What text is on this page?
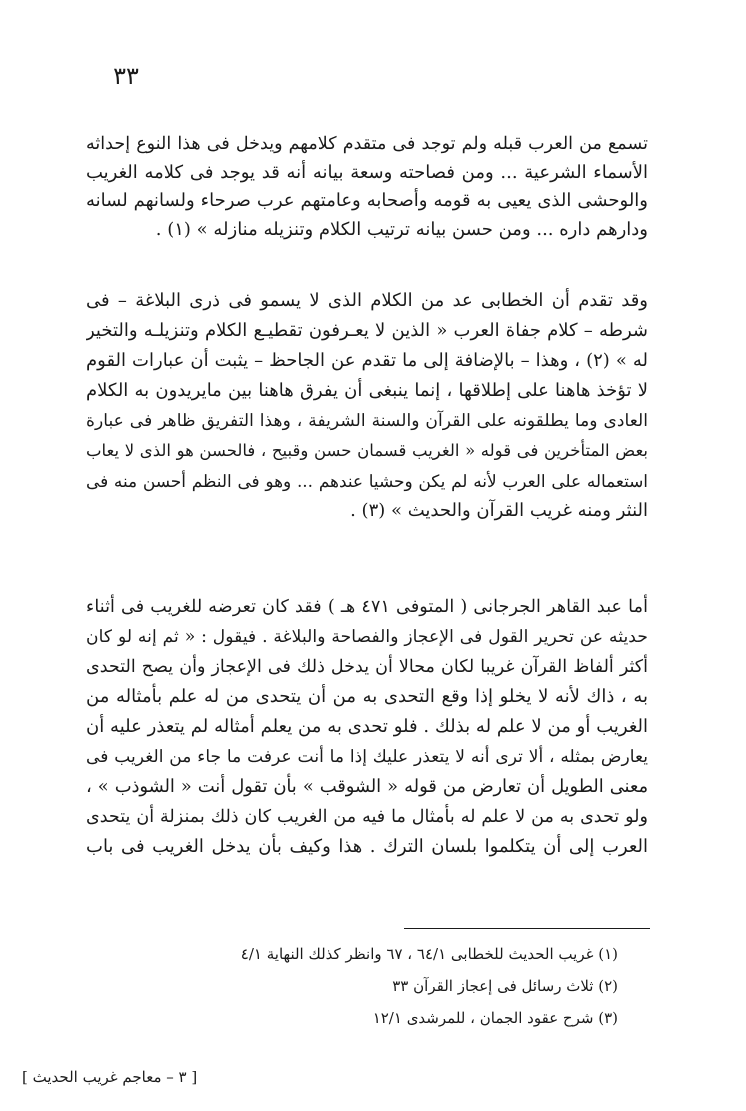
٣٣
تسمع من العرب قبله ولم توجد فى متقدم كلامهم ويدخل فى هذا النوع إحداثه
الأسماء الشرعية ... ومن فصاحته وسعة بيانه أنه قد يوجد فى كلامه الغريب
والوحشى الذى يعيى به قومه وأصحابه وعامتهم عرب صرحاء ولسانهم لسانه
ودارهم داره ... ومن حسن بيانه ترتيب الكلام وتنزيله منازله » (١) .
وقد تقدم أن الخطابى عد من الكلام الذى لا يسمو فى ذرى البلاغة – فى
شرطه – كلام جفاة العرب « الذين لا يعـرفون تقطيـع الكلام وتنزيلـه والتخير
له » (٢) ، وهذا – بالإضافة إلى ما تقدم عن الجاحظ – يثبت أن عبارات القوم
لا تؤخذ هاهنا على إطلاقها ، إنما ينبغى أن يفرق هاهنا بين مايريدون به الكلام
العادى وما يطلقونه على القرآن والسنة الشريفة ، وهذا التفريق ظاهر فى عبارة
بعض المتأخرين فى قوله « الغريب قسمان حسن وقبيح ، فالحسن هو الذى لا يعاب
استعماله على العرب لأنه لم يكن وحشيا عندهم ... وهو فى النظم أحسن منه فى
النثر ومنه غريب القرآن والحديث » (٣) .
أما عبد القاهر الجرجانى ( المتوفى ٤٧١ هـ ) فقد كان تعرضه للغريب فى أثناء
حديثه عن تحرير القول فى الإعجاز والفصاحة والبلاغة . فيقول : « ثم إنه لو كان
أكثر ألفاظ القرآن غريبا لكان محالا أن يدخل ذلك فى الإعجاز وأن يصح التحدى
به ، ذاك لأنه لا يخلو إذا وقع التحدى به من أن يتحدى من له علم بأمثاله من
الغريب أو من لا علم له بذلك . فلو تحدى به من يعلم أمثاله لم يتعذر عليه أن
يعارض بمثله ، ألا ترى أنه لا يتعذر عليك إذا ما أنت عرفت ما جاء من الغريب فى
معنى الطويل أن تعارض من قوله « الشوقب » بأن تقول أنت « الشوذب » ،
ولو تحدى به من لا علم له بأمثال ما فيه من الغريب كان ذلك بمنزلة أن يتحدى
العرب إلى أن يتكلموا بلسان الترك . هذا وكيف بأن يدخل الغريب فى باب
(١) غريب الحديث للخطابى ٦٤/١ ، ٦٧ وانظر كذلك النهاية ٤/١
(٢) ثلاث رسائل فى إعجاز القرآن ٣٣
(٣) شرح عقود الجمان ، للمرشدى ١٢/١
[ ٣ – معاجم غريب الحديث ]
